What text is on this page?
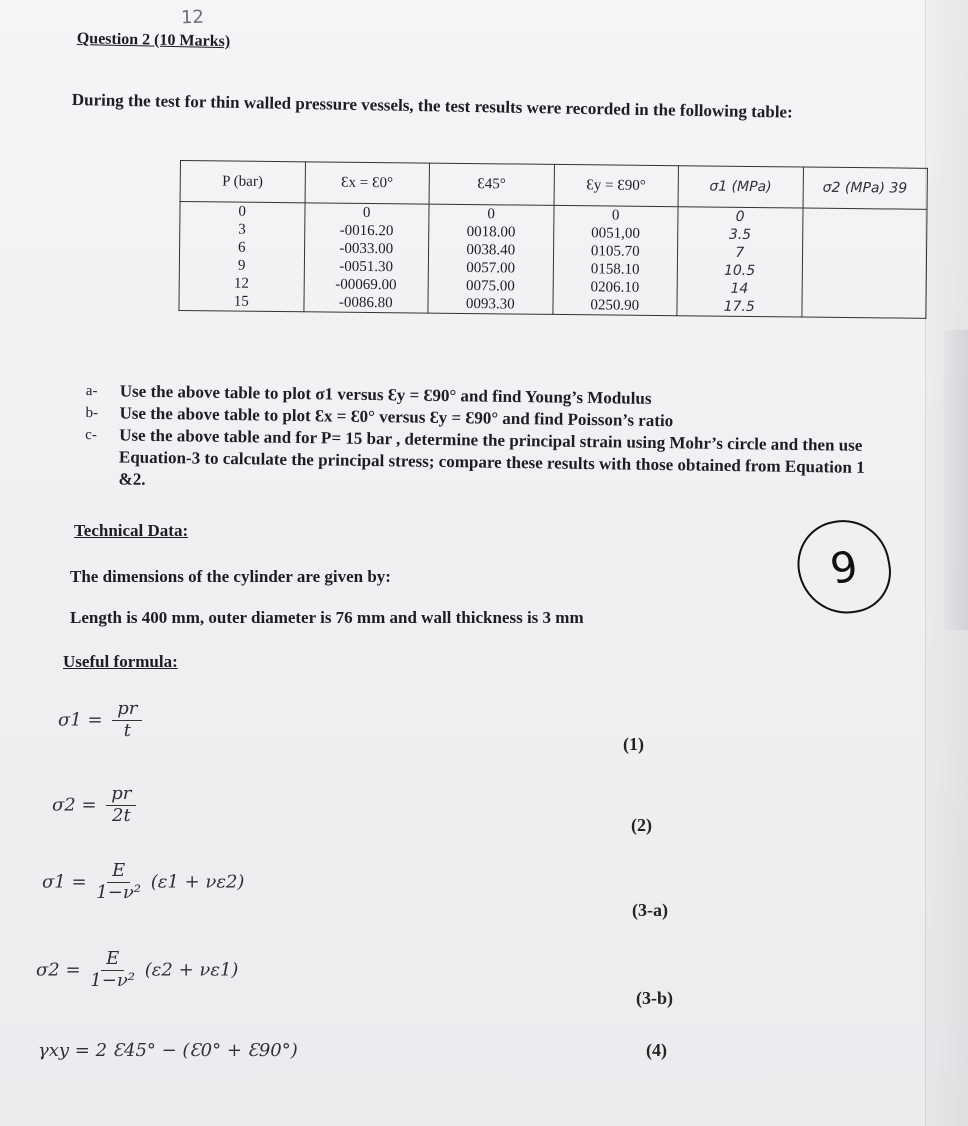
12
Question 2 (10 Marks)
During the test for thin walled pressure vessels, the test results were recorded in the following table:
P (bar)	Ɛx = Ɛ0°	Ɛ45°	Ɛy = Ɛ90°	σ1 (MPa)	σ2 (MPa) 39
0	0	0	0	0	
3	-0016.20	0018.00	0051,00	3.5	
6	-0033.00	0038.40	0105.70	7	
9	-0051.30	0057.00	0158.10	10.5	
12	-00069.00	0075.00	0206.10	14	
15	-0086.80	0093.30	0250.90	17.5	
a-	Use the above table to plot σ1 versus Ɛy = Ɛ90° and find Young’s Modulus
b-	Use the above table to plot Ɛx = Ɛ0° versus Ɛy = Ɛ90° and find Poisson’s ratio
c-	Use the above table and for P= 15 bar , determine the principal strain using Mohr’s circle and then use Equation-3 to calculate the principal stress; compare these results with those obtained from Equation 1 &2.
Technical Data:
The dimensions of the cylinder are given by:
Length is 400 mm, outer diameter is 76 mm and wall thickness is 3 mm
Useful formula:
$\sigma 1 = \frac{pr}{t}$
(1)
$\sigma 2 = \frac{pr}{2t}$	(2)
$\sigma 1 = \frac{E}{\text{1−ν²}} (\varepsilon 1 + \nu\varepsilon 2)$
(3-a)
$\sigma 2 = \frac{E}{\text{1−ν²}} (\varepsilon 2 + \nu\varepsilon 1)$
(3-b)
γxy = 2 Ɛ45° − (Ɛ0° + Ɛ90°)	(4)
9
